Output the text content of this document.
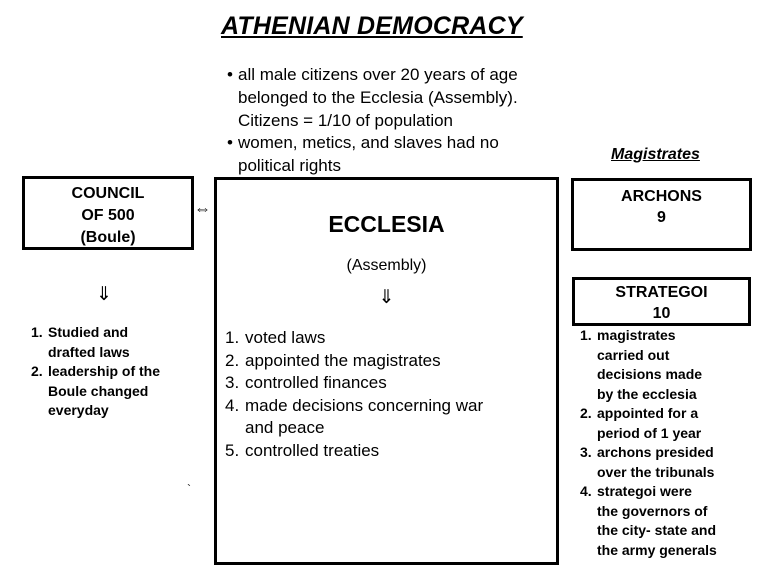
ATHENIAN DEMOCRACY
• all male citizens over 20 years of age
belonged to the Ecclesia (Assembly).
Citizens = 1/10 of population
• women, metics, and slaves had no
political rights
COUNCIL
OF 500
(Boule)
⇔
⇓
1. Studied and
drafted laws
2. leadership of the
Boule changed
everyday
ECCLESIA
(Assembly)
⇓
1. voted laws
2. appointed the magistrates
3. controlled finances
4. made decisions concerning war
and peace
5. controlled treaties
Magistrates
ARCHONS
9
STRATEGOI
10
1. magistrates
carried out
decisions made
by the ecclesia
2. appointed for a
period of 1 year
3. archons presided
over the tribunals
4. strategoi were
the governors of
the city- state and
the army generals
`
